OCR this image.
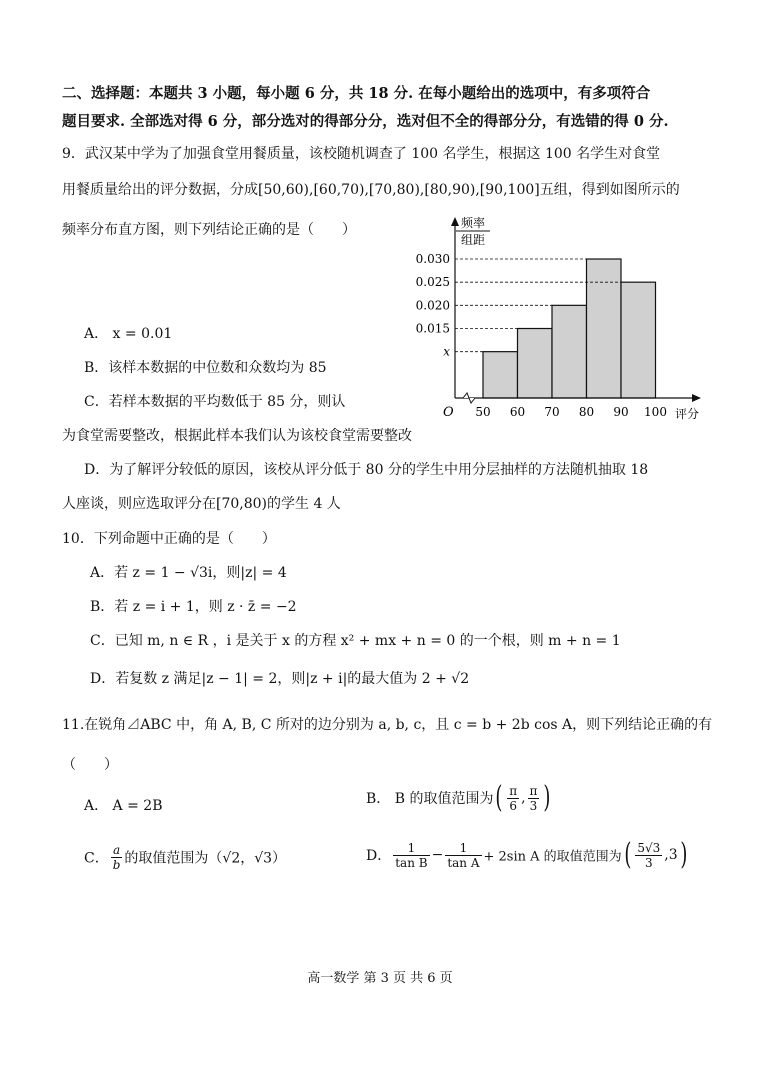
二、选择题：本题共 3 小题，每小题 6 分，共 18 分. 在每小题给出的选项中，有多项符合
题目要求. 全部选对得 6 分，部分选对的得部分分，选对但不全的得部分分，有选错的得 0 分.
9．武汉某中学为了加强食堂用餐质量，该校随机调查了 100 名学生，根据这 100 名学生对食堂
用餐质量给出的评分数据，分成[50,60),[60,70),[70,80),[80,90),[90,100]五组，得到如图所示的
频率分布直方图，则下列结论正确的是（　　）
x
0.015
0.020
0.025
0.030
50 60 70 80 90 100
O	评分
频率
组距
A． x = 0.01
B．该样本数据的中位数和众数均为 85
C．若样本数据的平均数低于 85 分，则认
为食堂需要整改，根据此样本我们认为该校食堂需要整改
D．为了解评分较低的原因，该校从评分低于 80 分的学生中用分层抽样的方法随机抽取 18
人座谈，则应选取评分在[70,80)的学生 4 人
10．下列命题中正确的是（　　）
A．若 z = 1 − √3i，则|z| = 4
B．若 z = i + 1，则 z · z̄ = −2
C．已知 m, n ∈ R ，i 是关于 x 的方程 x² + mx + n = 0 的一个根，则 m + n = 1
D．若复数 z 满足|z − 1| = 2，则|z + i|的最大值为 2 + √2
11.在锐角⊿ABC 中，角 A, B, C 所对的边分别为 a, b, c，且 c = b + 2b cos A，则下列结论正确的有
（　　）
A． A = 2B	B． B 的取值范围为( $\frac{\pi}{6}$ , $\frac{\pi}{3}$ )
C． $\frac{a}{b}$ 的取值范围为（√2，√3）	D． $\frac{1}{\text{tan B}} - \frac{1}{\text{tan A}} + 2\sin$ A 的取值范围为( $\frac{5√3}{3} ,3$)
高一数学 第 3 页 共 6 页
